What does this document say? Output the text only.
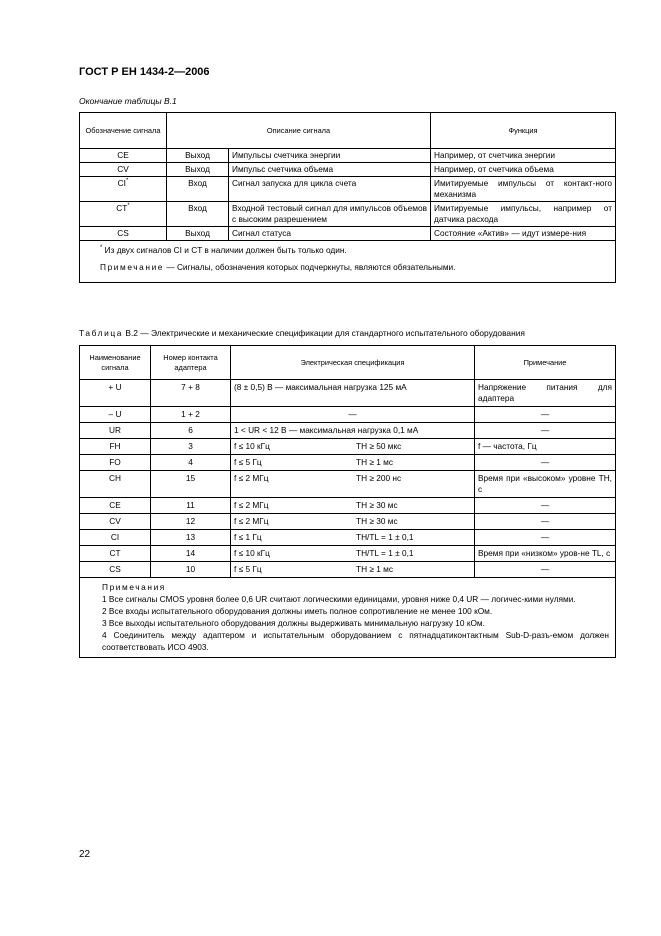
ГОСТ Р ЕН 1434-2—2006
Окончание таблицы В.1
Обозначение сигнала	Описание сигнала		Функция
CE	Выход	Импульсы счетчика энергии	Например, от счетчика энергии
CV	Выход	Импульс счетчика объема	Например, от счетчика объема
CI*	Вход	Сигнал запуска для цикла счета	Имитируемые импульсы от контакт-ного механизма
CT*	Вход	Входной тестовый сигнал для импульсов объемов с высоким разрешением	Имитируемые импульсы, например от датчика расхода
CS	Выход	Сигнал статуса	Состояние «Актив» — идут измере-ния

* Из двух сигналов CI и CT в наличии должен быть только один.
Примечание — Сигналы, обозначения которых подчеркнуты, являются обязательными.			
Таблица В.2 — Электрические и механические спецификации для стандартного испытательного оборудования
Наименование сигнала	Номер контакта адаптера	Электрическая спецификация	Примечание
+ U	7 + 8	(8 ± 0,5) В — максимальная нагрузка 125 мА	Напряжение питания для адаптера
– U	1 + 2	—	—
UR	6	1 < UR < 12 В — максимальная нагрузка 0,1 мА	—
FH	3	f ≤ 10 кГц TH ≥ 50 мкс	f — частота, Гц
FO	4	f ≤ 5 Гц TH ≥ 1 мс	—
CH	15	f ≤ 2 МГц TH ≥ 200 нс	Время при «высоком» уровне TH, с
CE	11	f ≤ 2 МГц TH ≥ 30 мс	—
CV	12	f ≤ 2 МГц TH ≥ 30 мс	—
CI	13	f ≤ 1 Гц TH/TL = 1 ± 0,1	—
CT	14	f ≤ 10 кГц TH/TL = 1 ± 0,1	Время при «низком» уров-не TL, с
CS	10	f ≤ 5 Гц TH ≥ 1 мс	—

Примечания
1 Все сигналы CMOS уровня более 0,6 UR считают логическими единицами, уровня ниже 0,4 UR — логичес-кими нулями.
2 Все входы испытательного оборудования должны иметь полное сопротивление не менее 100 кОм.
3 Все выходы испытательного оборудования должны выдерживать минимальную нагрузку 10 кОм.
4 Соединитель между адаптером и испытательным оборудованием с пятнадцатиконтактным Sub-D-разъ-емом должен соответствовать ИСО 4903.			
22
